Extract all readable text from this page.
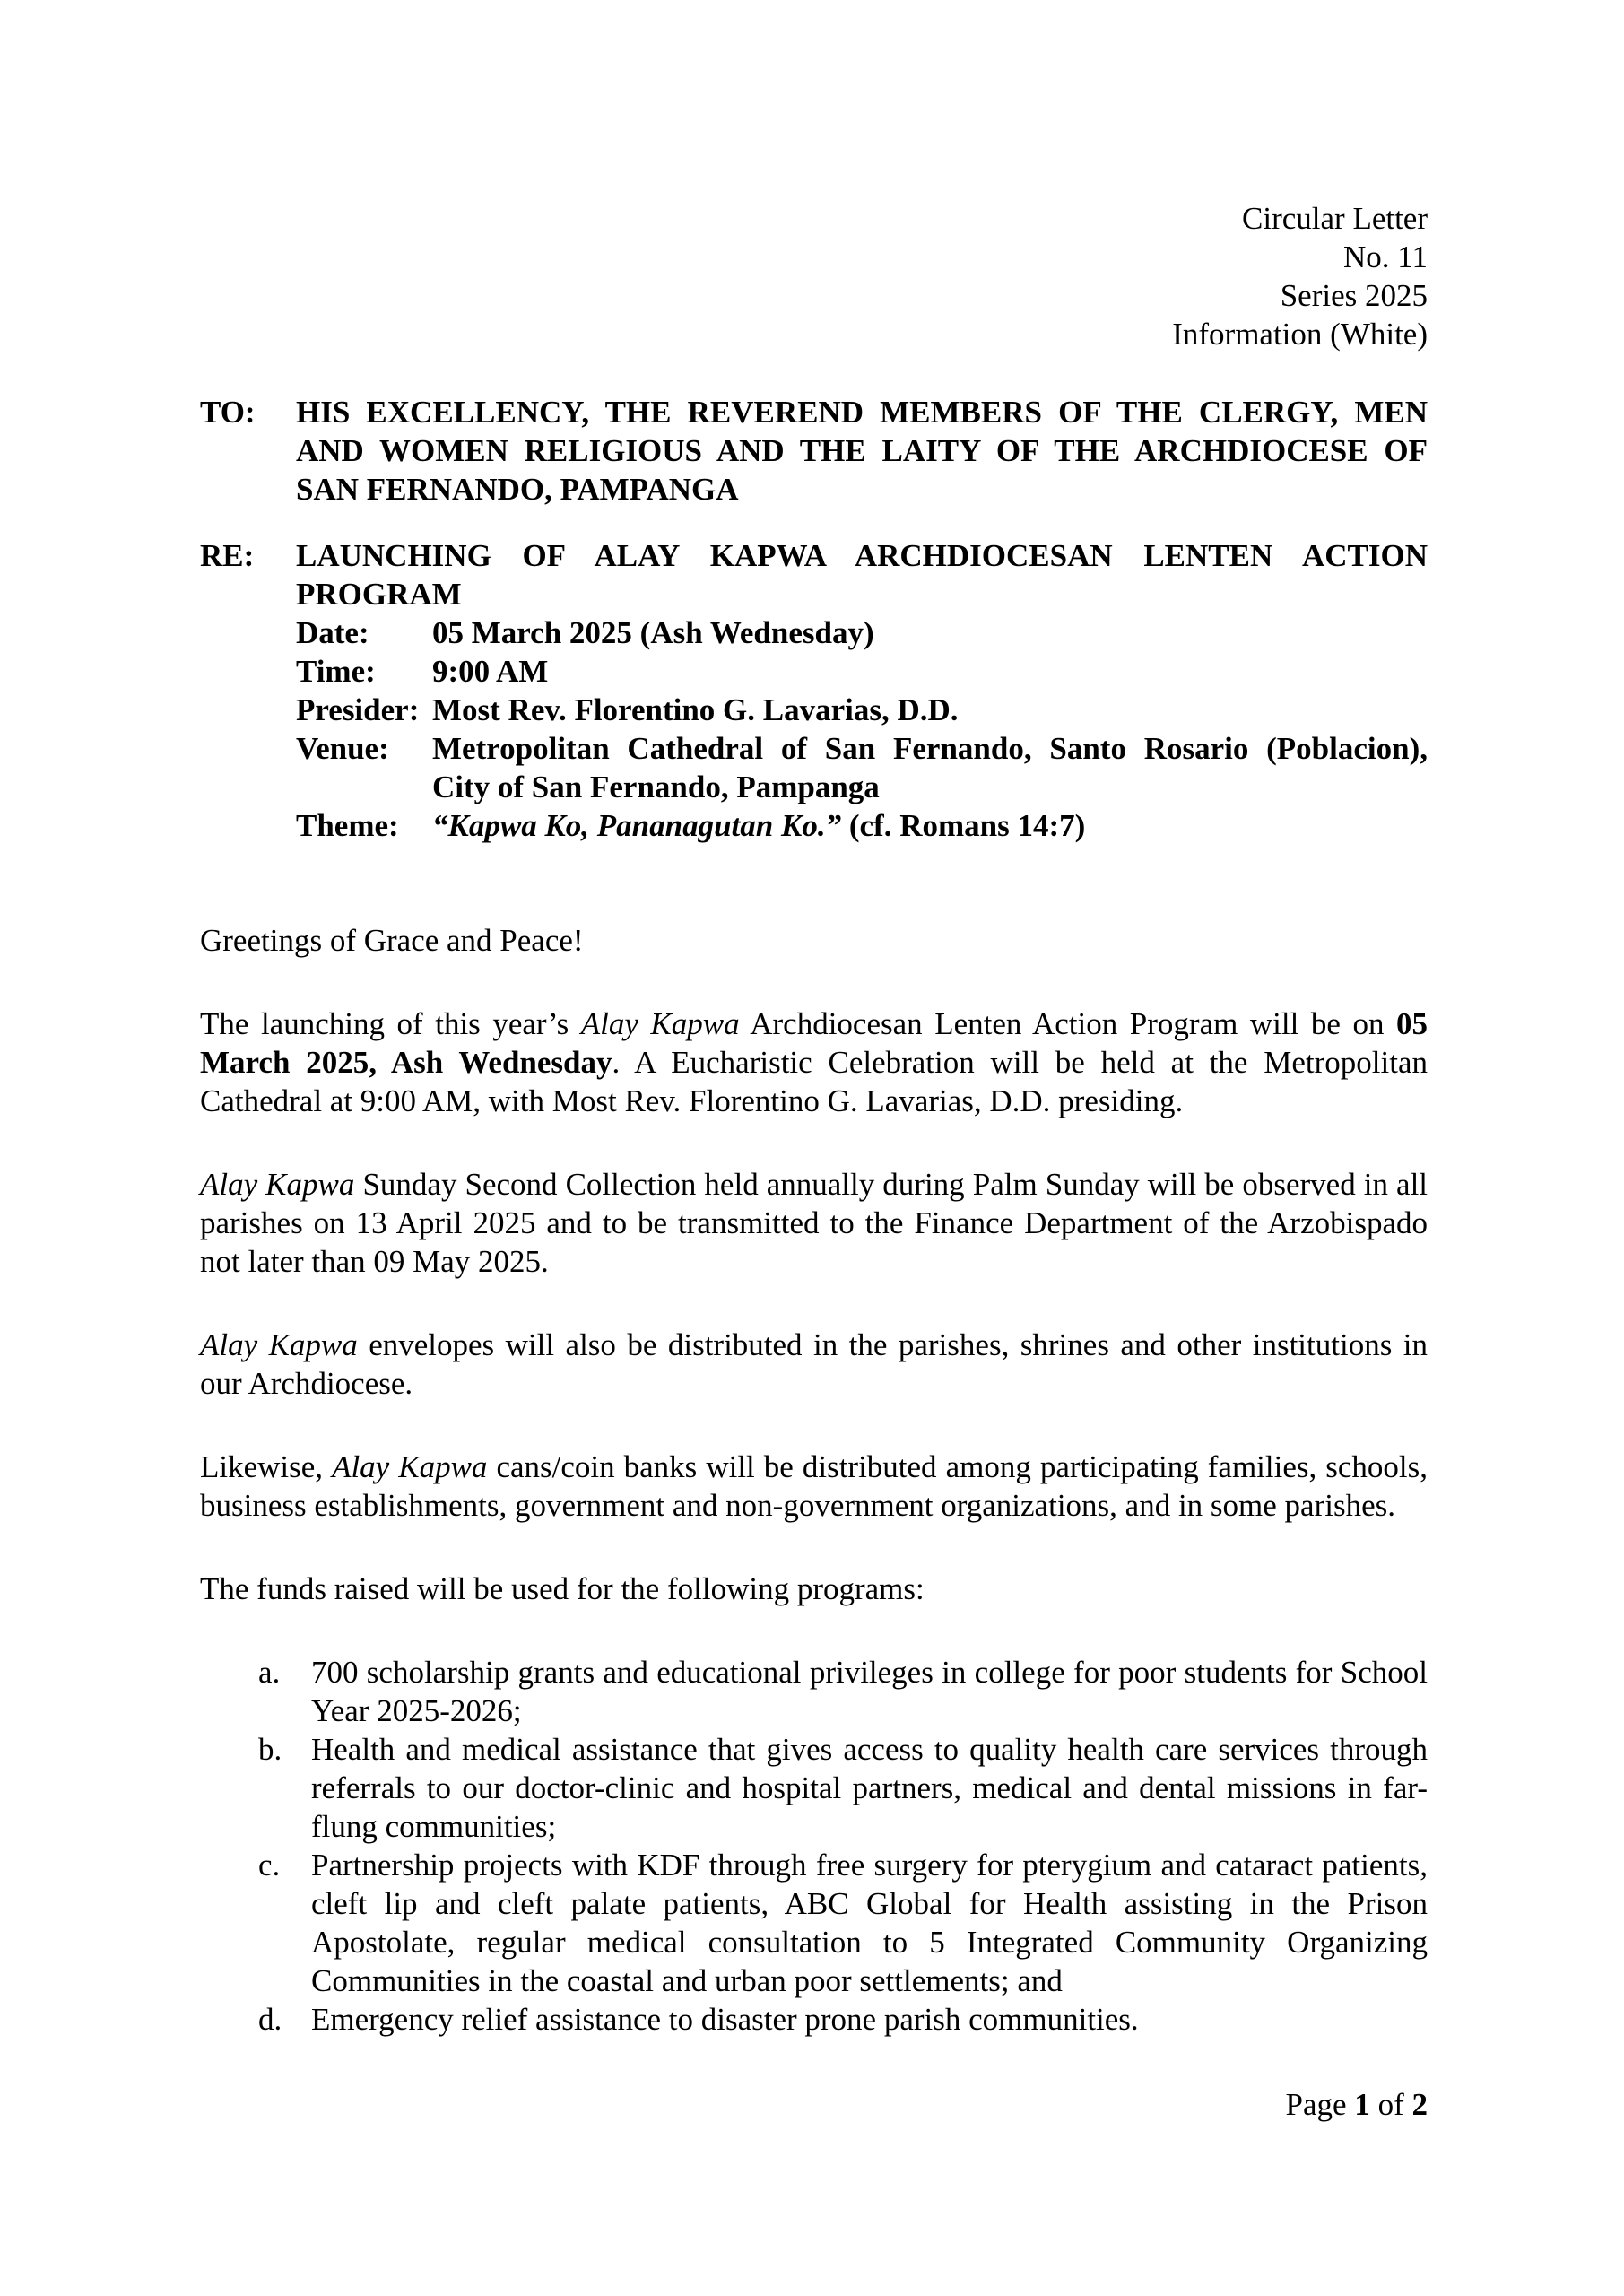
Circular Letter
No. 11
Series 2025
Information (White)
TO:	HIS EXCELLENCY, THE REVEREND MEMBERS OF THE CLERGY, MEN
AND WOMEN RELIGIOUS AND THE LAITY OF THE ARCHDIOCESE OF
SAN FERNANDO, PAMPANGA
RE:	LAUNCHING OF ALAY KAPWA ARCHDIOCESAN LENTEN ACTION
PROGRAM
Date:	05 March 2025 (Ash Wednesday)
Time:	9:00 AM
Presider: Most Rev. Florentino G. Lavarias, D.D.
Venue:	Metropolitan Cathedral of San Fernando, Santo Rosario (Poblacion),
City of San Fernando, Pampanga
Theme:	“Kapwa Ko, Pananagutan Ko.” (cf. Romans 14:7)

Greetings of Grace and Peace!

The launching of this year’s Alay Kapwa Archdiocesan Lenten Action Program will be on 05 March 2025, Ash Wednesday. A Eucharistic Celebration will be held at the Metropolitan Cathedral at 9:00 AM, with Most Rev. Florentino G. Lavarias, D.D. presiding.

Alay Kapwa Sunday Second Collection held annually during Palm Sunday will be observed in all parishes on 13 April 2025 and to be transmitted to the Finance Department of the Arzobispado not later than 09 May 2025.

Alay Kapwa envelopes will also be distributed in the parishes, shrines and other institutions in our Archdiocese.

Likewise, Alay Kapwa cans/coin banks will be distributed among participating families, schools, business establishments, government and non-government organizations, and in some parishes.

The funds raised will be used for the following programs:

a. 700 scholarship grants and educational privileges in college for poor students for School Year 2025-2026;
b. Health and medical assistance that gives access to quality health care services through referrals to our doctor-clinic and hospital partners, medical and dental missions in far-flung communities;
c. Partnership projects with KDF through free surgery for pterygium and cataract patients, cleft lip and cleft palate patients, ABC Global for Health assisting in the Prison Apostolate, regular medical consultation to 5 Integrated Community Organizing Communities in the coastal and urban poor settlements; and
d. Emergency relief assistance to disaster prone parish communities.
Page 1 of 2
